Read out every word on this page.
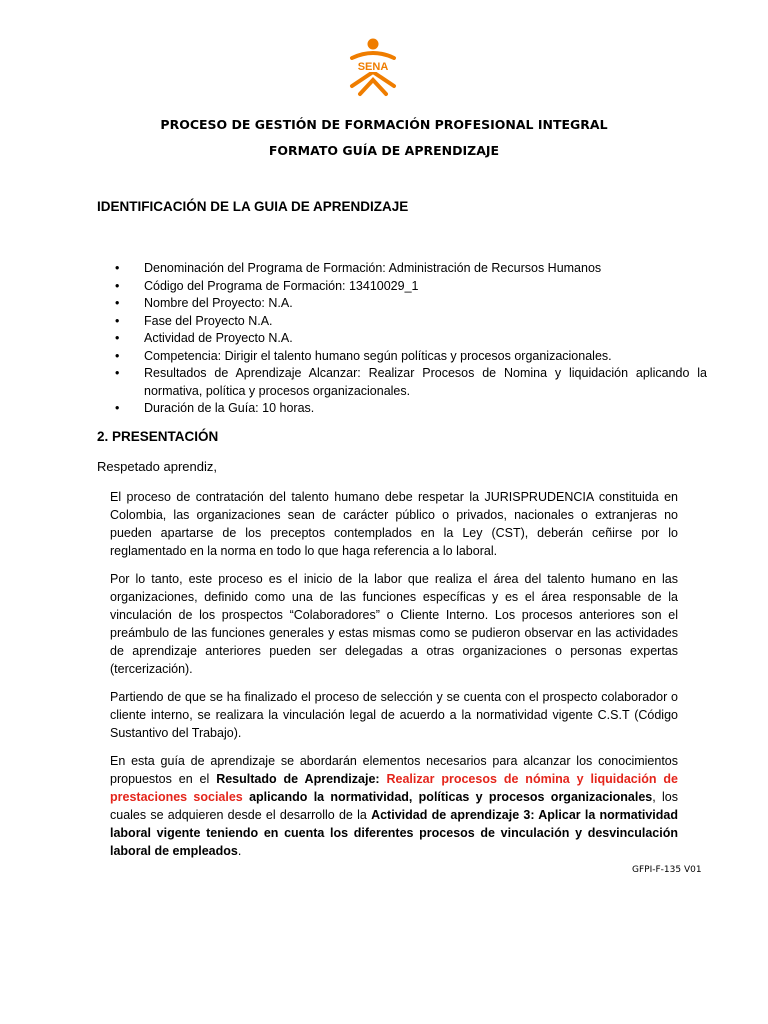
SENA
PROCESO DE GESTIÓN DE FORMACIÓN PROFESIONAL INTEGRAL
FORMATO GUÍA DE APRENDIZAJE
IDENTIFICACIÓN DE LA GUIA DE APRENDIZAJE
• Denominación del Programa de Formación: Administración de Recursos Humanos
• Código del Programa de Formación: 13410029_1
• Nombre del Proyecto: N.A.
• Fase del Proyecto N.A.
• Actividad de Proyecto N.A.
• Competencia: Dirigir el talento humano según políticas y procesos organizacionales.
• Resultados de Aprendizaje Alcanzar: Realizar Procesos de Nomina y liquidación aplicando la normativa, política y procesos organizacionales.
• Duración de la Guía: 10 horas.
2. PRESENTACIÓN
Respetado aprendiz,
El proceso de contratación del talento humano debe respetar la JURISPRUDENCIA constituida en Colombia, las organizaciones sean de carácter público o privados, nacionales o extranjeras no pueden apartarse de los preceptos contemplados en la Ley (CST), deberán ceñirse por lo reglamentado en la norma en todo lo que haga referencia a lo laboral.
Por lo tanto, este proceso es el inicio de la labor que realiza el área del talento humano en las organizaciones, definido como una de las funciones específicas y es el área responsable de la vinculación de los prospectos “Colaboradores” o Cliente Interno. Los procesos anteriores son el preámbulo de las funciones generales y estas mismas como se pudieron observar en las actividades de aprendizaje anteriores pueden ser delegadas a otras organizaciones o personas expertas (tercerización).
Partiendo de que se ha finalizado el proceso de selección y se cuenta con el prospecto colaborador o cliente interno, se realizara la vinculación legal de acuerdo a la normatividad vigente C.S.T (Código Sustantivo del Trabajo).
En esta guía de aprendizaje se abordarán elementos necesarios para alcanzar los conocimientos propuestos en el Resultado de Aprendizaje: Realizar procesos de nómina y liquidación de prestaciones sociales aplicando la normatividad, políticas y procesos organizacionales, los cuales se adquieren desde el desarrollo de la Actividad de aprendizaje 3: Aplicar la normatividad laboral vigente teniendo en cuenta los diferentes procesos de vinculación y desvinculación laboral de empleados.
GFPI-F-135 V01
